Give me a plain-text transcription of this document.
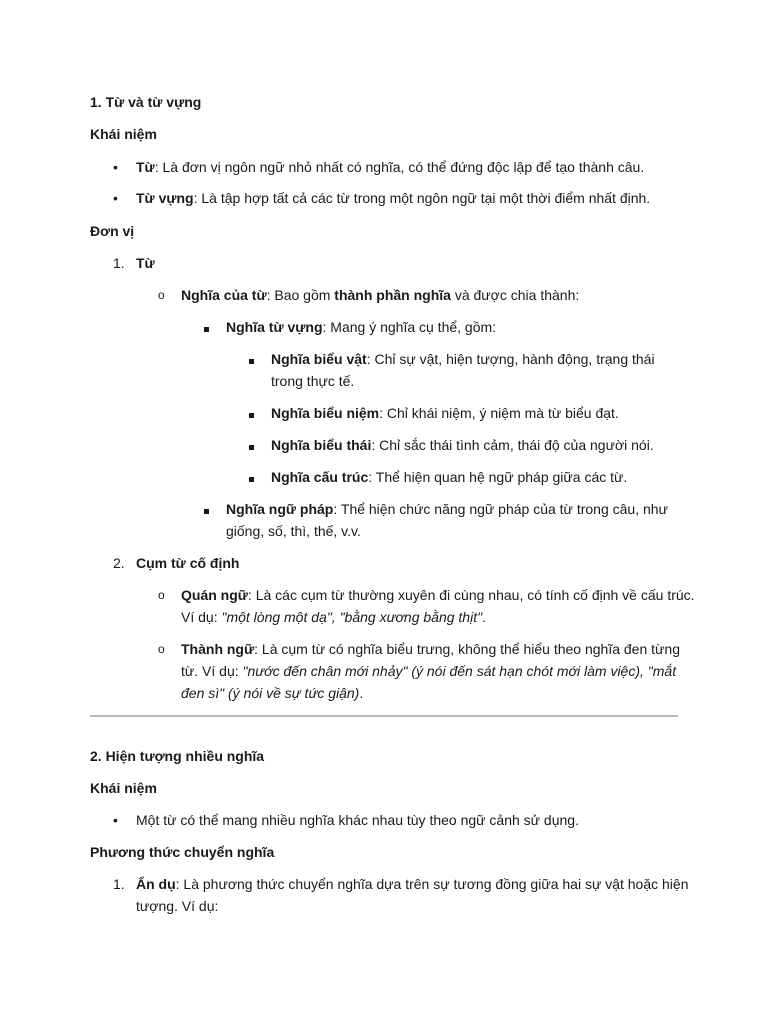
1. Từ và từ vựng
Khái niệm
• Từ: Là đơn vị ngôn ngữ nhỏ nhất có nghĩa, có thể đứng độc lập để tạo thành câu.
• Từ vựng: Là tập hợp tất cả các từ trong một ngôn ngữ tại một thời điểm nhất định.
Đơn vị
1. Từ
o Nghĩa của từ: Bao gồm thành phần nghĩa và được chia thành:
Nghĩa từ vựng: Mang ý nghĩa cụ thể, gồm:
Nghĩa biểu vật: Chỉ sự vật, hiện tượng, hành động, trạng thái
trong thực tế.
Nghĩa biểu niệm: Chỉ khái niệm, ý niệm mà từ biểu đạt.
Nghĩa biểu thái: Chỉ sắc thái tình cảm, thái độ của người nói.
Nghĩa cấu trúc: Thể hiện quan hệ ngữ pháp giữa các từ.
Nghĩa ngữ pháp: Thể hiện chức năng ngữ pháp của từ trong câu, như
giống, số, thì, thế, v.v.
2. Cụm từ cố định
o Quán ngữ: Là các cụm từ thường xuyên đi cùng nhau, có tính cố định về cấu trúc.
Ví dụ: "một lòng một dạ", "bằng xương bằng thịt".
o Thành ngữ: Là cụm từ có nghĩa biểu trưng, không thể hiểu theo nghĩa đen từng
từ. Ví dụ: "nước đến chân mới nhảy" (ý nói đến sát hạn chót mới làm việc), "mắt
đen sì" (ý nói về sự tức giận).
2. Hiện tượng nhiều nghĩa
Khái niệm
• Một từ có thể mang nhiều nghĩa khác nhau tùy theo ngữ cảnh sử dụng.
Phương thức chuyển nghĩa
1. Ẩn dụ: Là phương thức chuyển nghĩa dựa trên sự tương đồng giữa hai sự vật hoặc hiện
tượng. Ví dụ:
